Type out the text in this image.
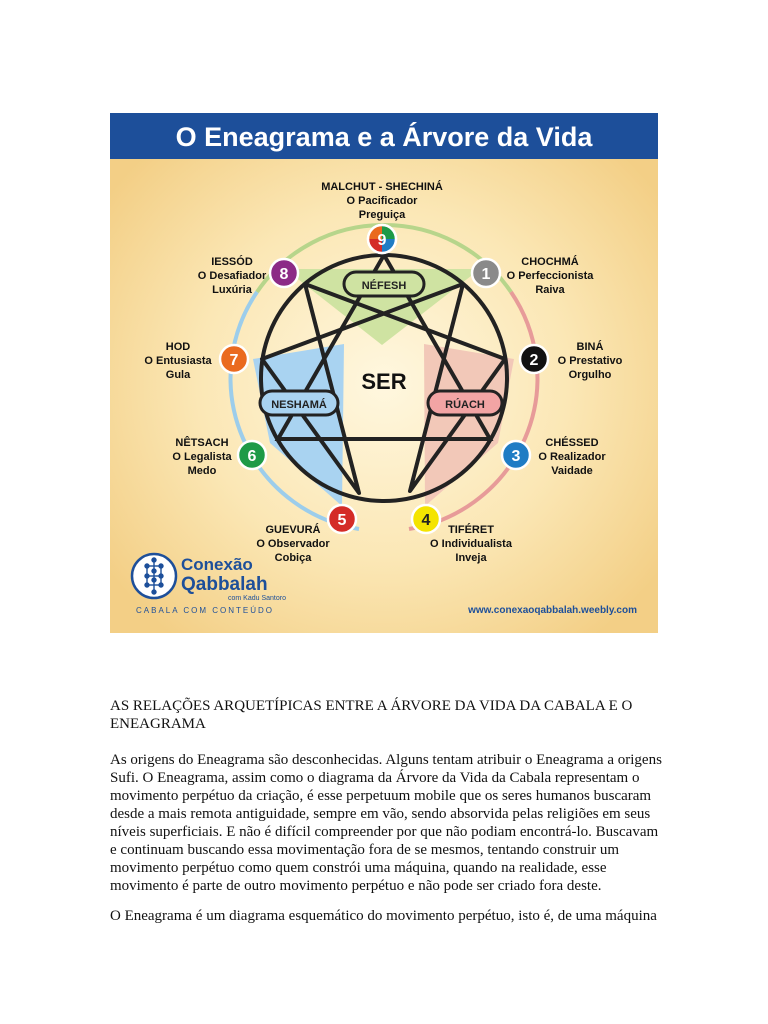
O Eneagrama e a Árvore da Vida
NÉFESH
NESHAMÁ	RÚACH
SER
9
1
2
3
4
5
6
7
8
MALCHUT - SHECHINÁ
O Pacificador
Preguiça
CHOCHMÁ
O Perfeccionista
Raiva
BINÁ
O Prestativo
Orgulho
CHÉSSED
O Realizador
Vaidade
TIFÉRET
O Individualista
Inveja
GUEVURÁ
O Observador
Cobiça
NÊTSACH
O Legalista
Medo
HOD
O Entusiasta
Gula
IESSÓD
O Desafiador
Luxúria
Conexão
Qabbalah
com Kadu Santoro
CABALA COM CONTEÚDO	www.conexaoqabbalah.weebly.com

AS RELAÇÕES ARQUETÍPICAS ENTRE A ÁRVORE DA VIDA DA CABALA E O ENEAGRAMA

As origens do Eneagrama são desconhecidas. Alguns tentam atribuir o Eneagrama a origens Sufi. O Eneagrama, assim como o diagrama da Árvore da Vida da Cabala representam o movimento perpétuo da criação, é esse perpetuum mobile que os seres humanos buscaram desde a mais remota antiguidade, sempre em vão, sendo absorvida pelas religiões em seus níveis superficiais. E não é difícil compreender por que não podiam encontrá-lo. Buscavam e continuam buscando essa movimentação fora de se mesmos, tentando construir um movimento perpétuo como quem constrói uma máquina, quando na realidade, esse movimento é parte de outro movimento perpétuo e não pode ser criado fora deste.

O Eneagrama é um diagrama esquemático do movimento perpétuo, isto é, de uma máquina
